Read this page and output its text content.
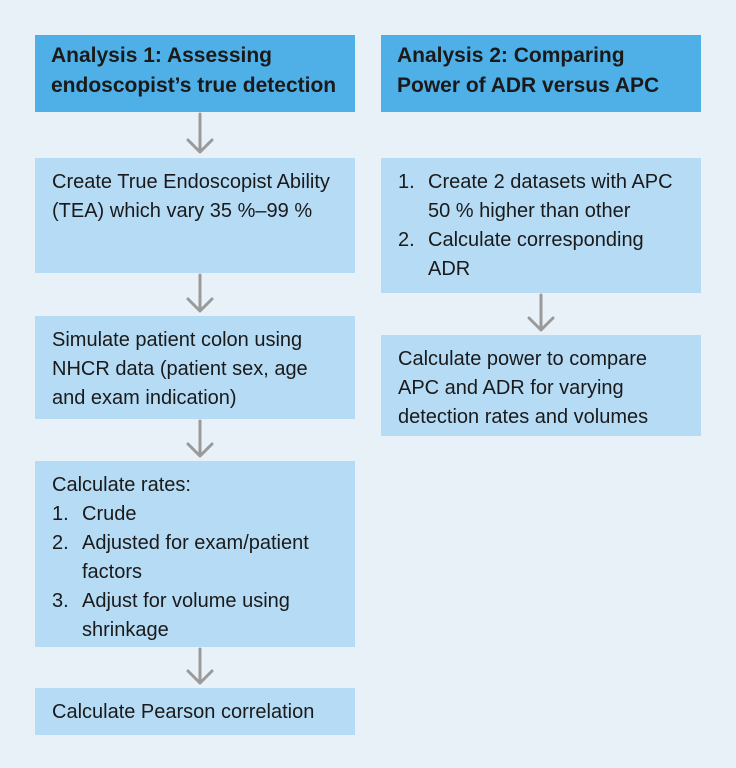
Analysis 1: Assessing endoscopist’s true detection
Create True Endoscopist Ability (TEA) which vary 35 %–99 %
Simulate patient colon using NHCR data (patient sex, age and exam indication)
Calculate rates:
1. Crude
2. Adjusted for exam/patient factors
3. Adjust for volume using shrinkage
Calculate Pearson correlation
Analysis 2: Comparing Power of ADR versus APC
1. Create 2 datasets with APC 50 % higher than other
2. Calculate corresponding ADR
Calculate power to compare APC and ADR for varying detection rates and volumes
